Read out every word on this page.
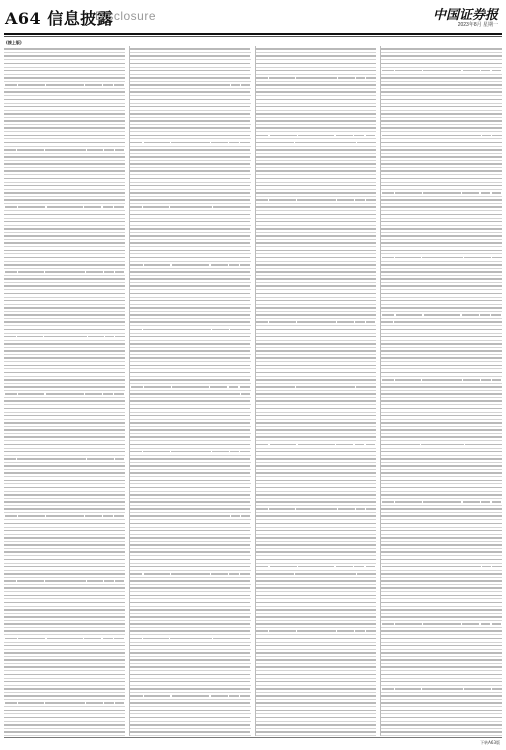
A64 信息披露
Disclosure	中国证券报
2023年8月 星期一
(接上版)
下转A63版
